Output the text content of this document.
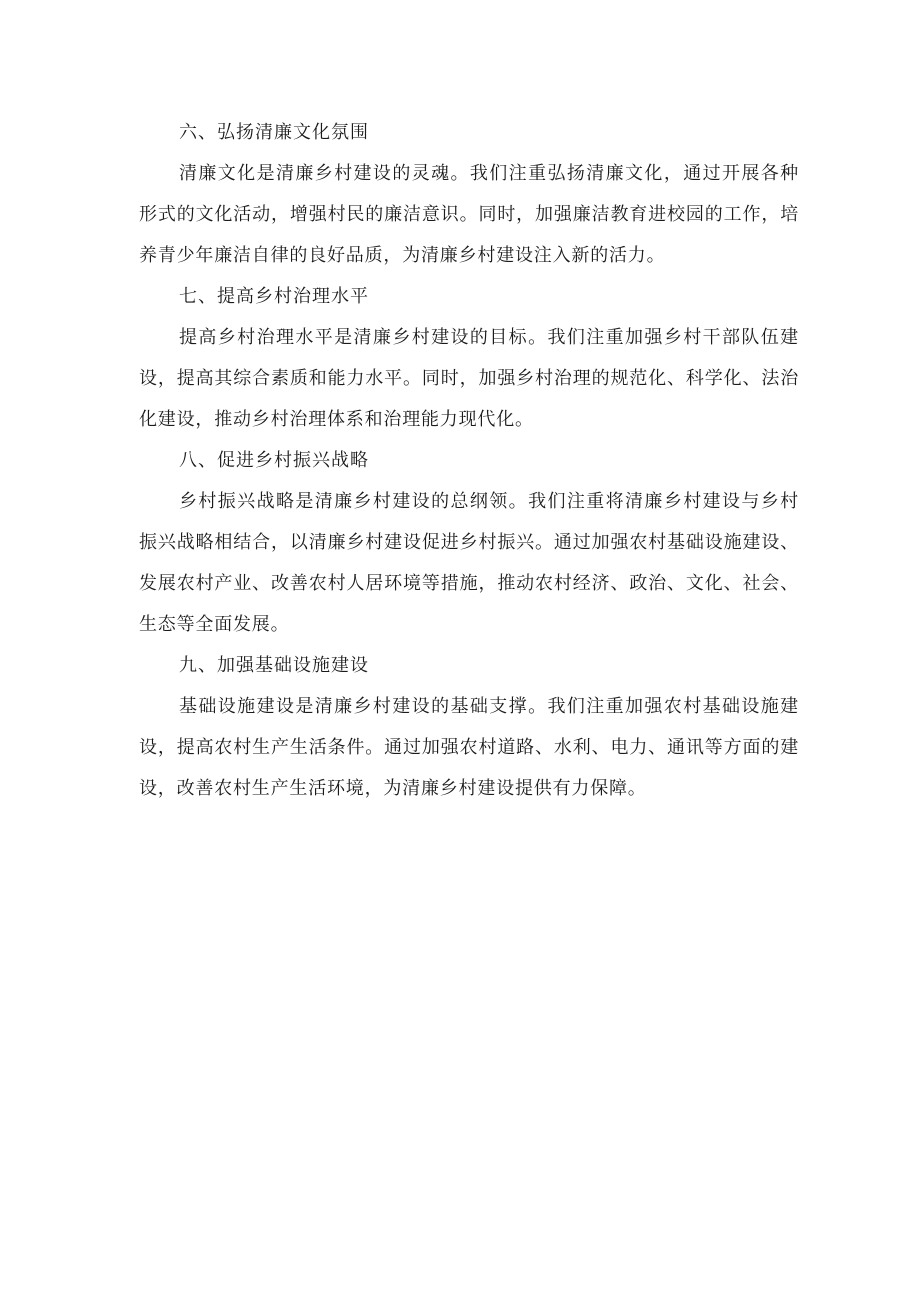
六、弘扬清廉文化氛围

清廉文化是清廉乡村建设的灵魂。我们注重弘扬清廉文化，通过开展各种形式的文化活动，增强村民的廉洁意识。同时，加强廉洁教育进校园的工作，培养青少年廉洁自律的良好品质，为清廉乡村建设注入新的活力。

七、提高乡村治理水平

提高乡村治理水平是清廉乡村建设的目标。我们注重加强乡村干部队伍建设，提高其综合素质和能力水平。同时，加强乡村治理的规范化、科学化、法治化建设，推动乡村治理体系和治理能力现代化。

八、促进乡村振兴战略

乡村振兴战略是清廉乡村建设的总纲领。我们注重将清廉乡村建设与乡村振兴战略相结合，以清廉乡村建设促进乡村振兴。通过加强农村基础设施建设、发展农村产业、改善农村人居环境等措施，推动农村经济、政治、文化、社会、生态等全面发展。

九、加强基础设施建设

基础设施建设是清廉乡村建设的基础支撑。我们注重加强农村基础设施建设，提高农村生产生活条件。通过加强农村道路、水利、电力、通讯等方面的建设，改善农村生产生活环境，为清廉乡村建设提供有力保障。
